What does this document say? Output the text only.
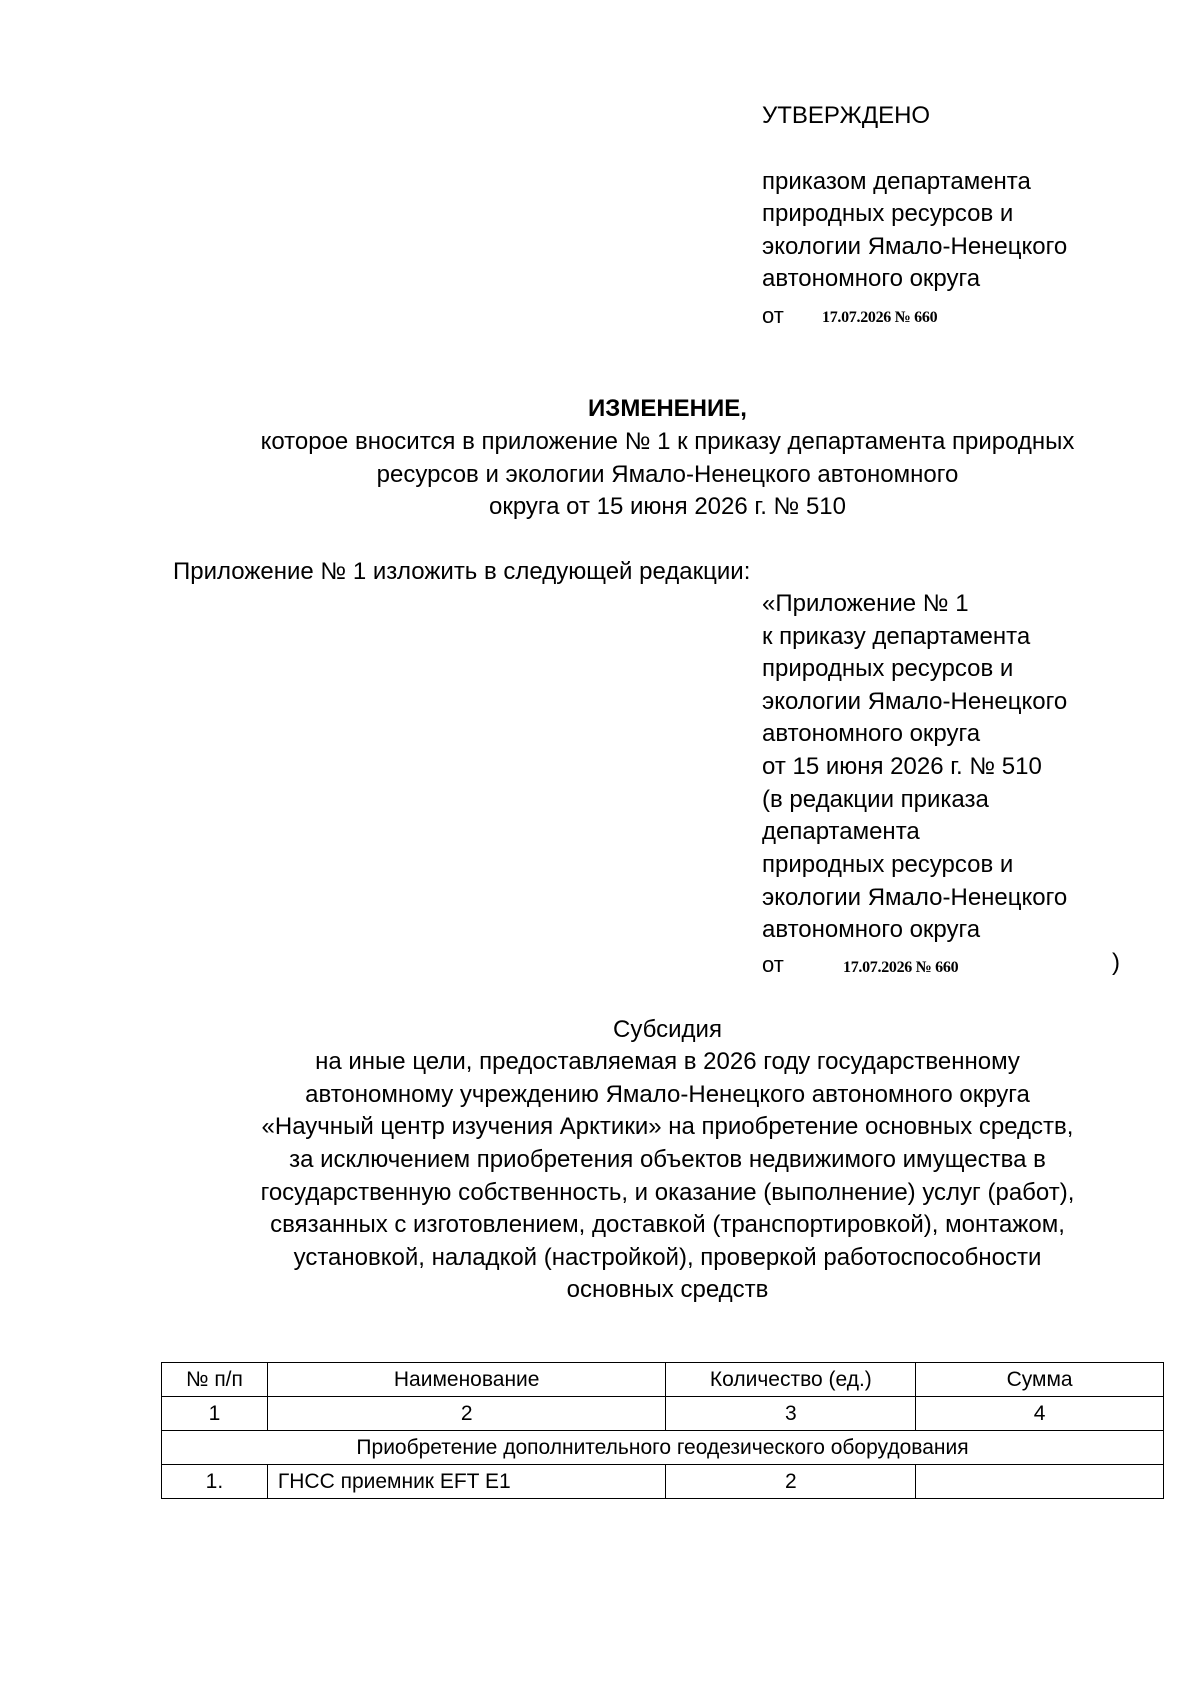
УТВЕРЖДЕНО

приказом департамента

природных ресурсов и

экологии Ямало-Ненецкого

автономного округа

от 17.07.2026 № 660

ИЗМЕНЕНИЕ,

которое вносится в приложение № 1 к приказу департамента природных

ресурсов и экологии Ямало-Ненецкого автономного

округа от 15 июня 2026 г. № 510

Приложение № 1 изложить в следующей редакции:

«Приложение № 1

к приказу департамента

природных ресурсов и

экологии Ямало-Ненецкого

автономного округа

от 15 июня 2026 г. № 510

(в редакции приказа

департамента

природных ресурсов и

экологии Ямало-Ненецкого

автономного округа

от	17.07.2026 № 660	)

Субсидия

на иные цели, предоставляемая в 2026 году государственному

автономному учреждению Ямало-Ненецкого автономного округа

«Научный центр изучения Арктики» на приобретение основных средств,

за исключением приобретения объектов недвижимого имущества в

государственную собственность, и оказание (выполнение) услуг (работ),

связанных с изготовлением, доставкой (транспортировкой), монтажом,

установкой, наладкой (настройкой), проверкой работоспособности

основных средств

№ п/п	Наименование	Количество (ед.)	Сумма
1	2	3	4
Приобретение дополнительного геодезического оборудования			
1.	ГНСС приемник EFT E1	2	
